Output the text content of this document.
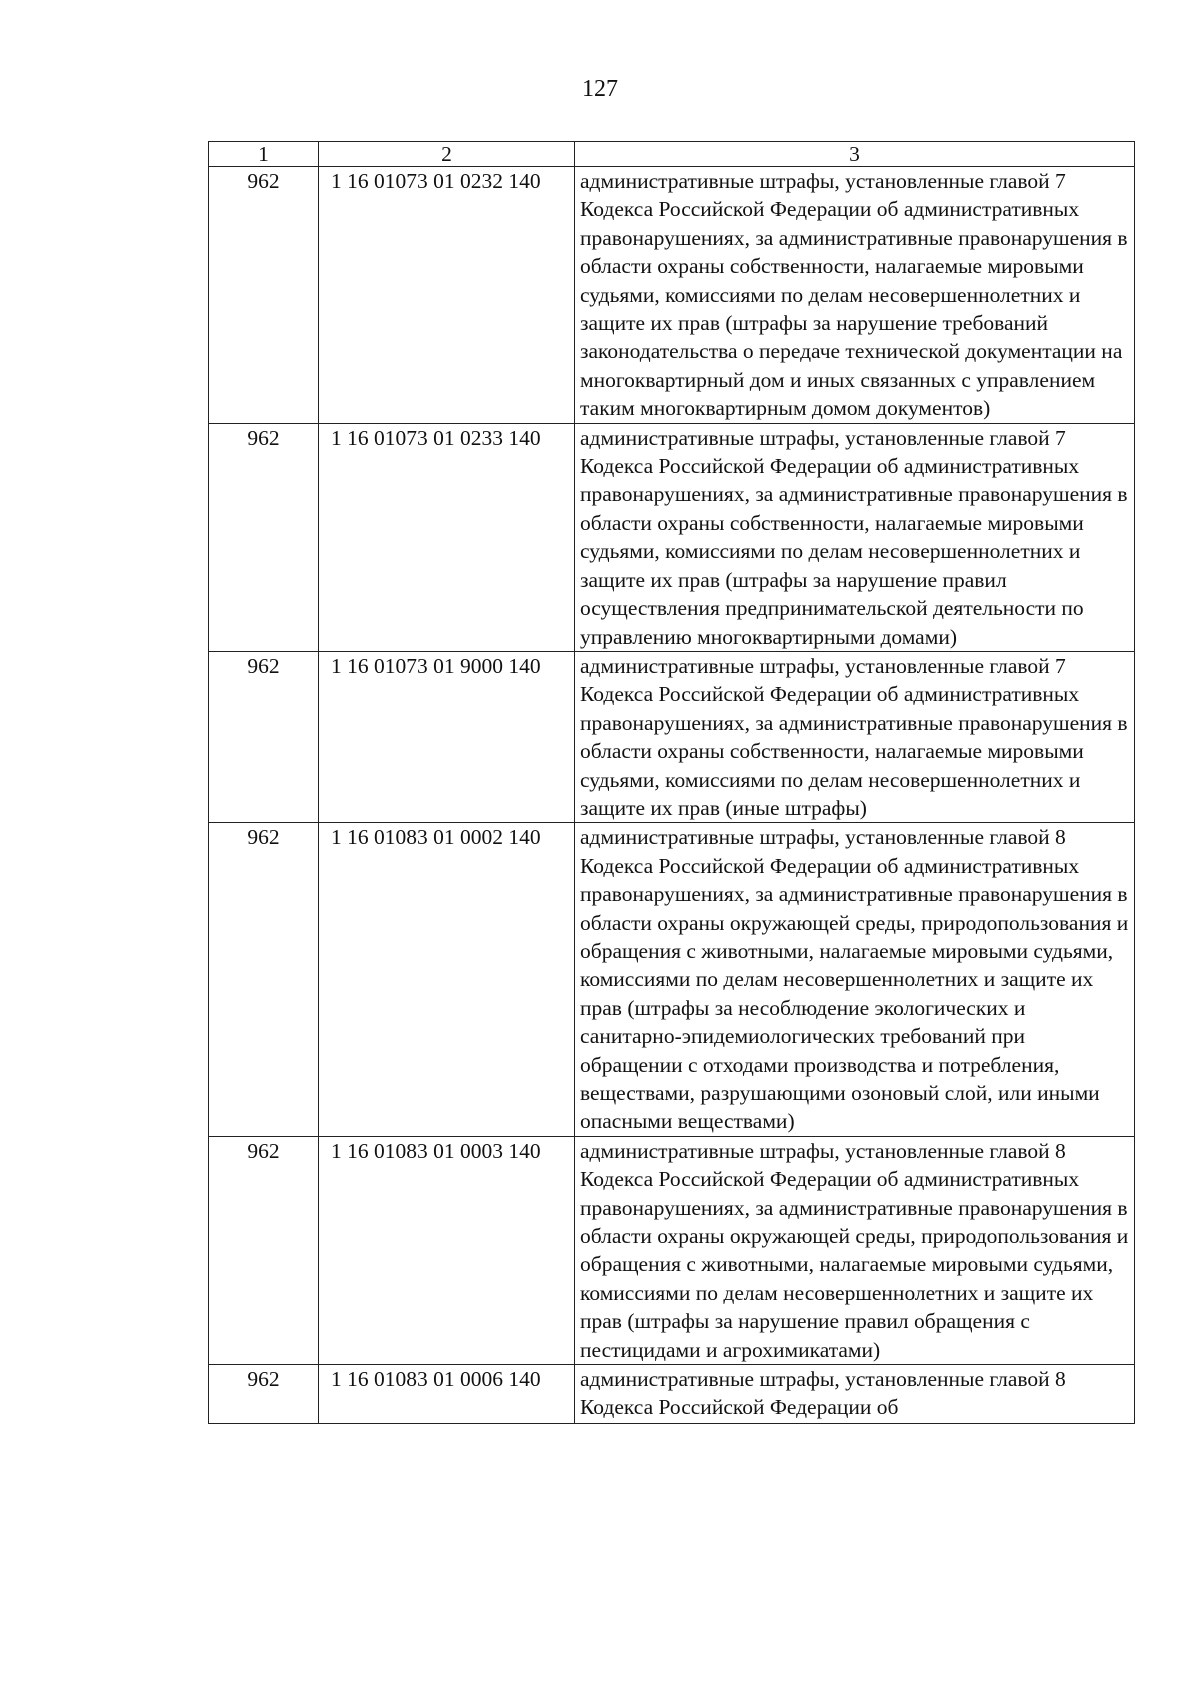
127
1	2	3
962	1 16 01073 01 0232 140	административные штрафы, установленные главой 7 Кодекса Российской Федерации об административных правонарушениях, за административные правонарушения в области охраны собственности, налагаемые мировыми судьями, комиссиями по делам несовершеннолетних и защите их прав (штрафы за нарушение требований законодательства о передаче технической документации на многоквартирный дом и иных связанных с управлением таким многоквартирным домом документов)
962	1 16 01073 01 0233 140	административные штрафы, установленные главой 7 Кодекса Российской Федерации об административных правонарушениях, за административные правонарушения в области охраны собственности, налагаемые мировыми судьями, комиссиями по делам несовершеннолетних и защите их прав (штрафы за нарушение правил осуществления предпринимательской деятельности по управлению многоквартирными домами)
962	1 16 01073 01 9000 140	административные штрафы, установленные главой 7 Кодекса Российской Федерации об административных правонарушениях, за административные правонарушения в области охраны собственности, налагаемые мировыми судьями, комиссиями по делам несовершеннолетних и защите их прав (иные штрафы)
962	1 16 01083 01 0002 140	административные штрафы, установленные главой 8 Кодекса Российской Федерации об административных правонарушениях, за административные правонарушения в области охраны окружающей среды, природопользования и обращения с животными, налагаемые мировыми судьями, комиссиями по делам несовершеннолетних и защите их прав (штрафы за несоблюдение экологических и санитарно-эпидемиологических требований при обращении с отходами производства и потребления, веществами, разрушающими озоновый слой, или иными опасными веществами)
962	1 16 01083 01 0003 140	административные штрафы, установленные главой 8 Кодекса Российской Федерации об административных правонарушениях, за административные правонарушения в области охраны окружающей среды, природопользования и обращения с животными, налагаемые мировыми судьями, комиссиями по делам несовершеннолетних и защите их прав (штрафы за нарушение правил обращения с пестицидами и агрохимикатами)
962	1 16 01083 01 0006 140	административные штрафы, установленные главой 8 Кодекса Российской Федерации об
